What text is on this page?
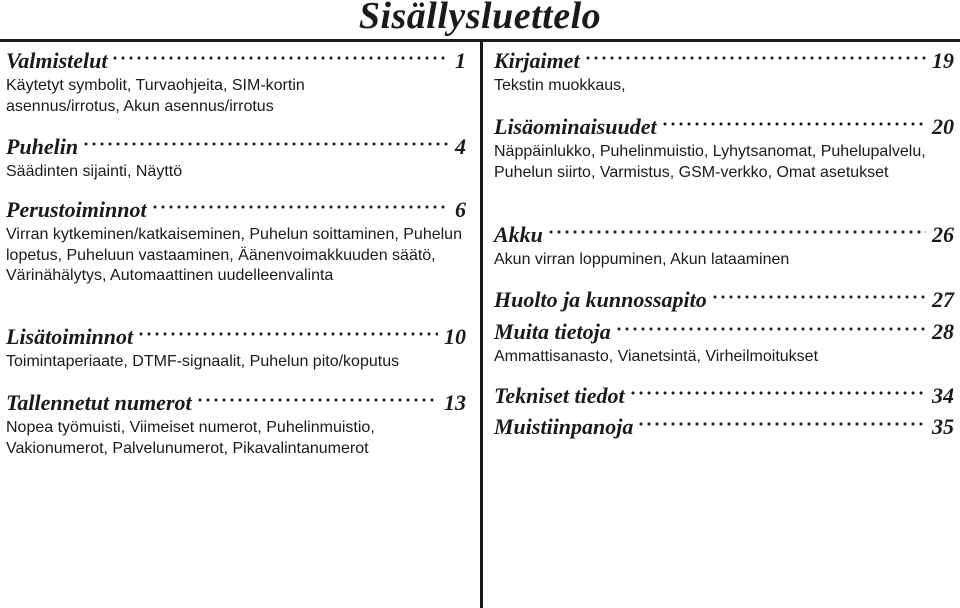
Sisällysluettelo
Valmistelut	1
Käytetyt symbolit, Turvaohjeita, SIM-kortin asennus/irrotus, Akun asennus/irrotus
Puhelin	4
Säädinten sijainti, Näyttö
Perustoiminnot	6
Virran kytkeminen/katkaiseminen, Puhelun soittaminen, Puhelun lopetus, Puheluun vastaaminen, Äänenvoimakkuuden säätö, Värinähälytys, Automaattinen uudelleenvalinta
Lisätoiminnot	10
Toimintaperiaate, DTMF-signaalit, Puhelun pito/koputus
Tallennetut numerot	13
Nopea työmuisti, Viimeiset numerot, Puhelinmuistio, Vakionumerot, Palvelunumerot, Pikavalintanumerot
Kirjaimet	19
Tekstin muokkaus,
Lisäominaisuudet	20
Näppäinlukko, Puhelinmuistio, Lyhytsanomat, Puhelupalvelu, Puhelun siirto, Varmistus, GSM-verkko, Omat asetukset
Akku	26
Akun virran loppuminen, Akun lataaminen
Huolto ja kunnossapito	27
Muita tietoja	28
Ammattisanasto, Vianetsintä, Virheilmoitukset
Tekniset tiedot	34
Muistiinpanoja	35
